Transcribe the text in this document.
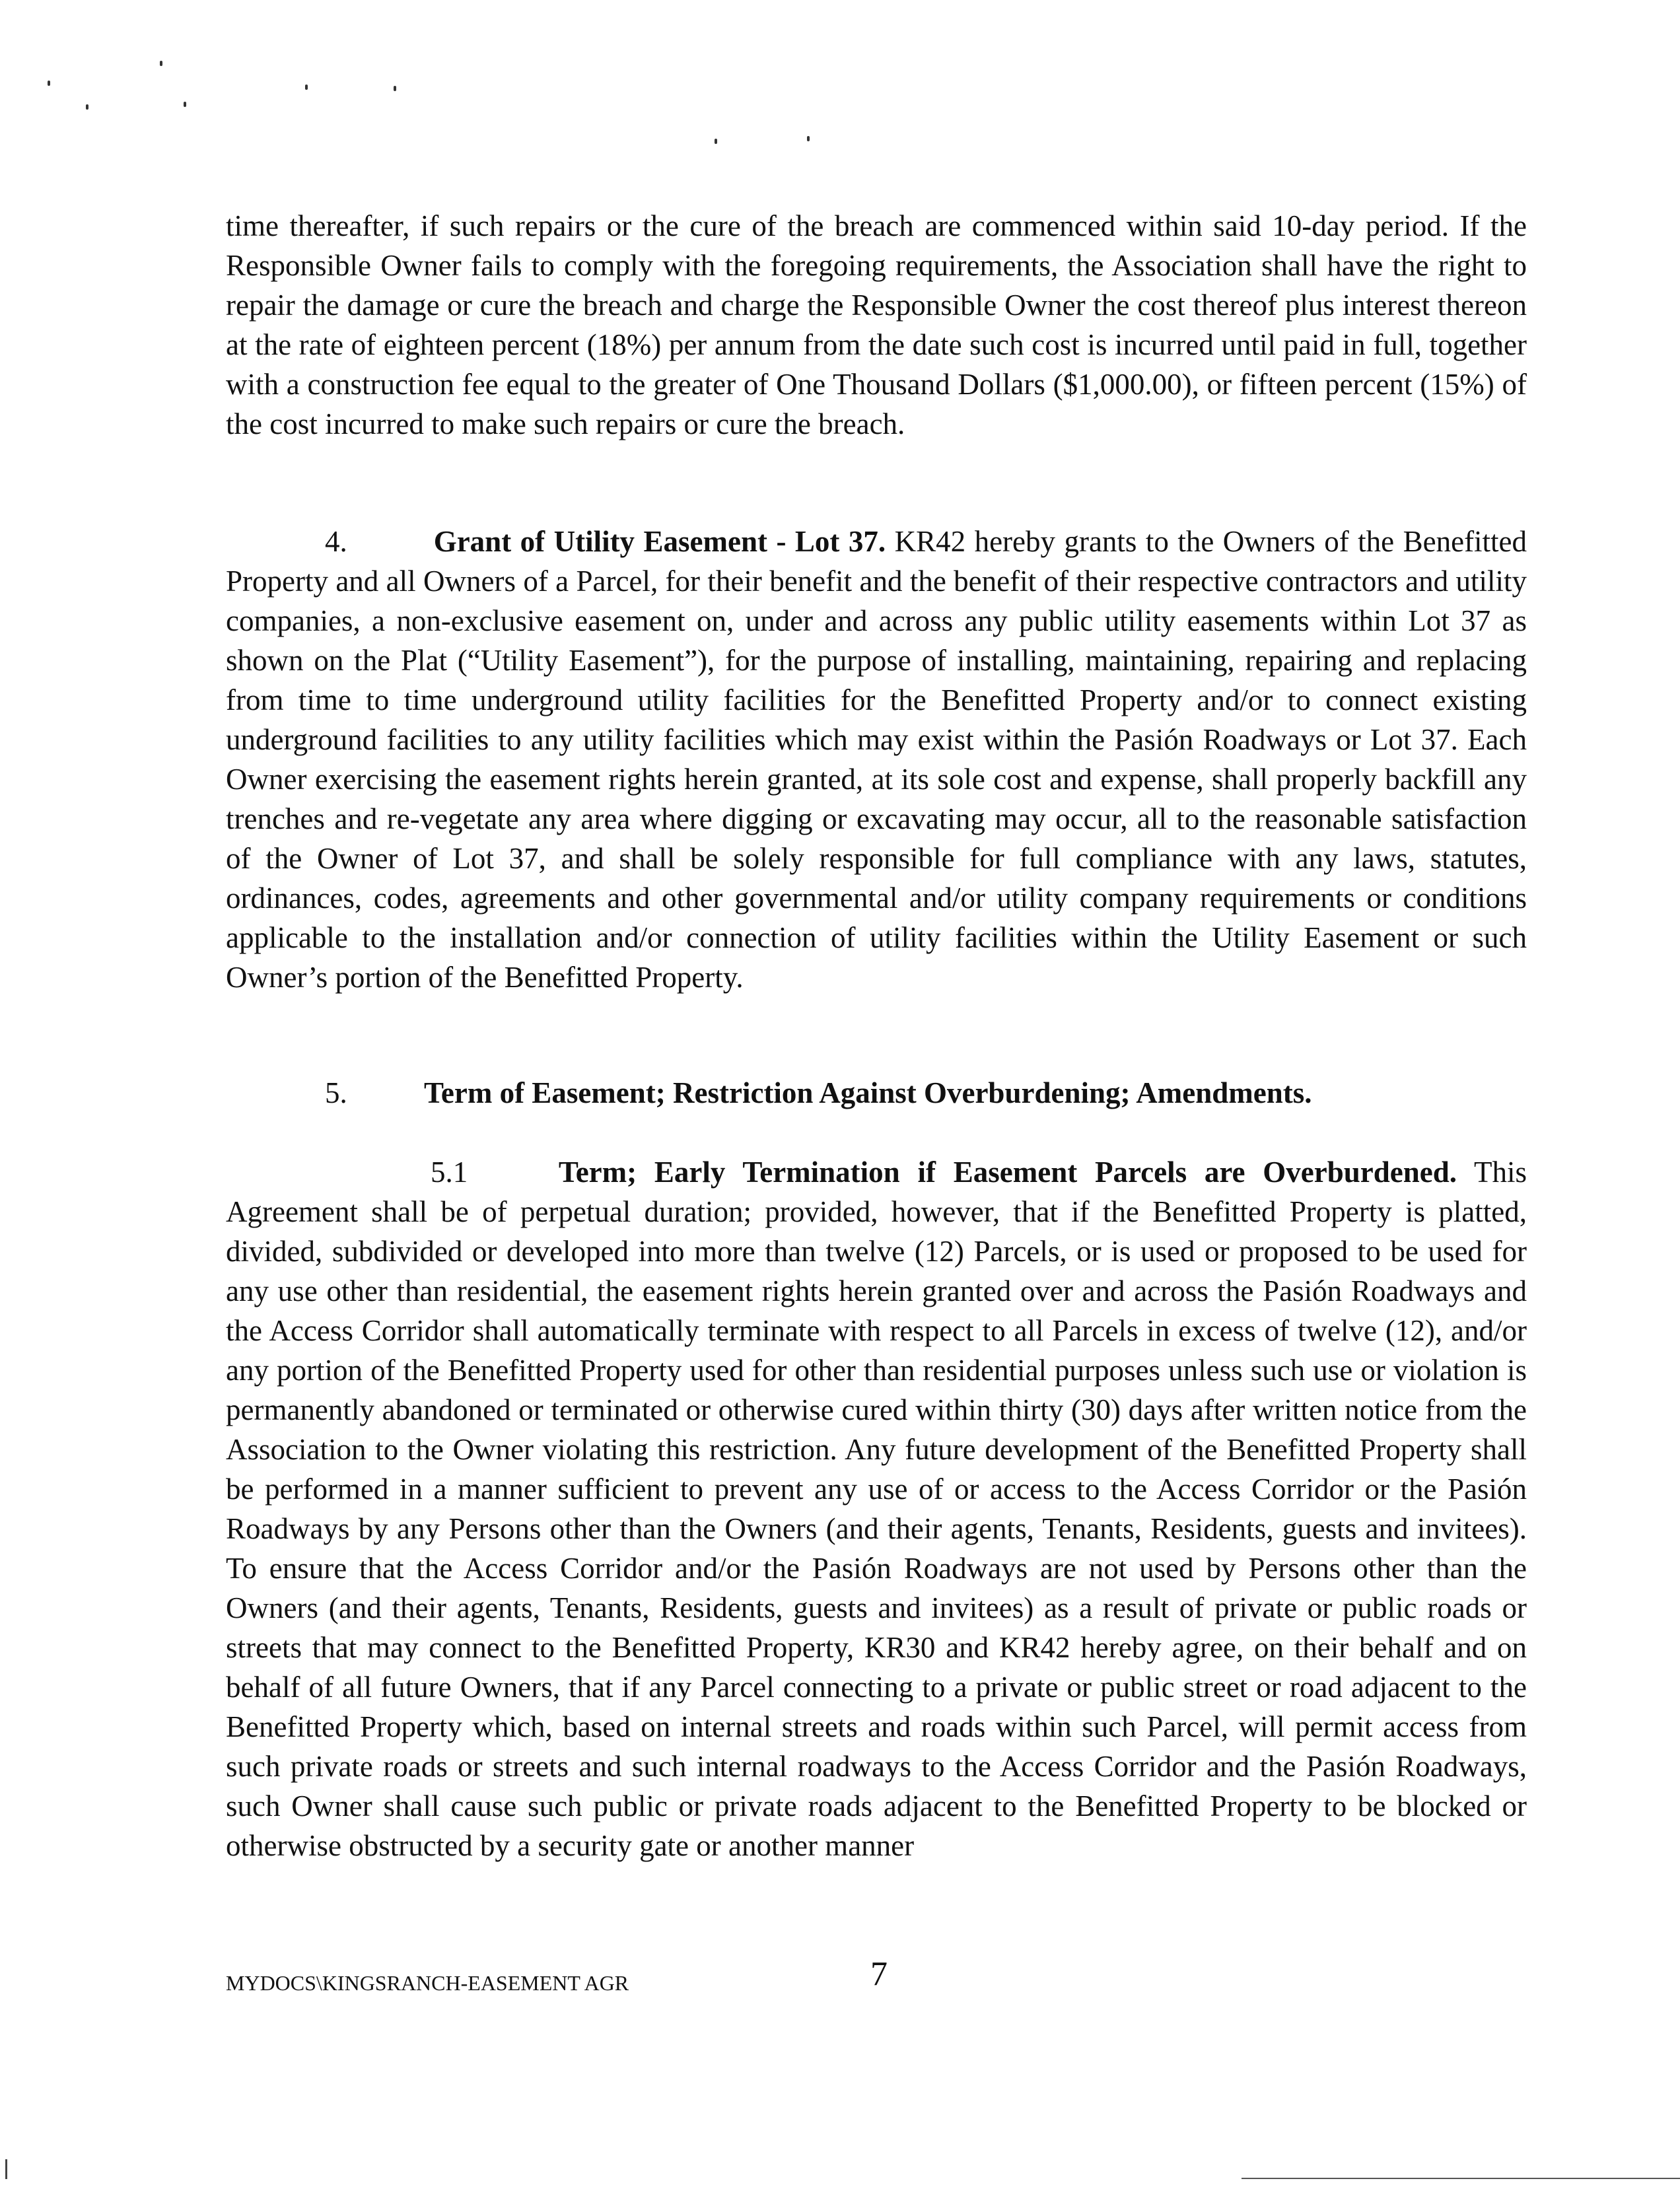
time thereafter, if such repairs or the cure of the breach are commenced within said 10-day period. If the Responsible Owner fails to comply with the foregoing requirements, the Association shall have the right to repair the damage or cure the breach and charge the Responsible Owner the cost thereof plus interest thereon at the rate of eighteen percent (18%) per annum from the date such cost is incurred until paid in full, together with a construction fee equal to the greater of One Thousand Dollars ($1,000.00), or fifteen percent (15%) of the cost incurred to make such repairs or cure the breach.

4.	Grant of Utility Easement - Lot 37. KR42 hereby grants to the Owners of the Benefitted Property and all Owners of a Parcel, for their benefit and the benefit of their respective contractors and utility companies, a non-exclusive easement on, under and across any public utility easements within Lot 37 as shown on the Plat (“Utility Easement”), for the purpose of installing, maintaining, repairing and replacing from time to time underground utility facilities for the Benefitted Property and/or to connect existing underground facilities to any utility facilities which may exist within the Pasión Roadways or Lot 37. Each Owner exercising the easement rights herein granted, at its sole cost and expense, shall properly backfill any trenches and re-vegetate any area where digging or excavating may occur, all to the reasonable satisfaction of the Owner of Lot 37, and shall be solely responsible for full compliance with any laws, statutes, ordinances, codes, agreements and other governmental and/or utility company requirements or conditions applicable to the installation and/or connection of utility facilities within the Utility Easement or such Owner’s portion of the Benefitted Property.

5.	Term of Easement; Restriction Against Overburdening; Amendments.

5.1	Term; Early Termination if Easement Parcels are Overburdened. This Agreement shall be of perpetual duration; provided, however, that if the Benefitted Property is platted, divided, subdivided or developed into more than twelve (12) Parcels, or is used or proposed to be used for any use other than residential, the easement rights herein granted over and across the Pasión Roadways and the Access Corridor shall automatically terminate with respect to all Parcels in excess of twelve (12), and/or any portion of the Benefitted Property used for other than residential purposes unless such use or violation is permanently abandoned or terminated or otherwise cured within thirty (30) days after written notice from the Association to the Owner violating this restriction. Any future development of the Benefitted Property shall be performed in a manner sufficient to prevent any use of or access to the Access Corridor or the Pasión Roadways by any Persons other than the Owners (and their agents, Tenants, Residents, guests and invitees). To ensure that the Access Corridor and/or the Pasión Roadways are not used by Persons other than the Owners (and their agents, Tenants, Residents, guests and invitees) as a result of private or public roads or streets that may connect to the Benefitted Property, KR30 and KR42 hereby agree, on their behalf and on behalf of all future Owners, that if any Parcel connecting to a private or public street or road adjacent to the Benefitted Property which, based on internal streets and roads within such Parcel, will permit access from such private roads or streets and such internal roadways to the Access Corridor and the Pasión Roadways, such Owner shall cause such public or private roads adjacent to the Benefitted Property to be blocked or otherwise obstructed by a security gate or another manner

MYDOCS\KINGSRANCH-EASEMENT AGR	7
